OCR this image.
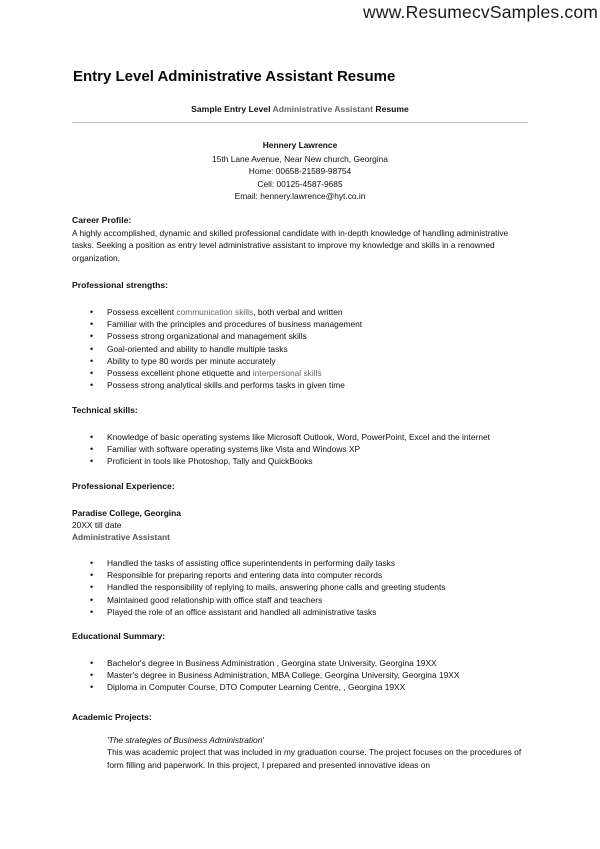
www.ResumecvSamples.com
Entry Level Administrative Assistant Resume
Sample Entry Level Administrative Assistant Resume
Hennery Lawrence
15th Lane Avenue, Near New church, Georgina
Home: 00658-21589-98754
Cell: 00125-4587-9685
Email: hennery.lawrence@hyt.co.in
Career Profile:
A highly accomplished, dynamic and skilled professional candidate with in-depth knowledge of handling administrative tasks. Seeking a position as entry level administrative assistant to improve my knowledge and skills in a renowned organization.
Professional strengths:
• Possess excellent communication skills, both verbal and written
• Familiar with the principles and procedures of business management
• Possess strong organizational and management skills
• Goal-oriented and ability to handle multiple tasks
• Ability to type 80 words per minute accurately
• Possess excellent phone etiquette and interpersonal skills
• Possess strong analytical skills and performs tasks in given time
Technical skills:
• Knowledge of basic operating systems like Microsoft Outlook, Word, PowerPoint, Excel and the internet
• Familiar with software operating systems like Vista and Windows XP
• Proficient in tools like Photoshop, Tally and QuickBooks
Professional Experience:
Paradise College, Georgina
20XX till date
Administrative Assistant
• Handled the tasks of assisting office superintendents in performing daily tasks
• Responsible for preparing reports and entering data into computer records
• Handled the responsibility of replying to mails, answering phone calls and greeting students
• Maintained good relationship with office staff and teachers
• Played the role of an office assistant and handled all administrative tasks
Educational Summary:
• Bachelor's degree in Business Administration , Georgina state University, Georgina 19XX
• Master's degree in Business Administration, MBA College, Georgina University, Georgina 19XX
• Diploma in Computer Course, DTO Computer Learning Centre, , Georgina 19XX
Academic Projects:
'The strategies of Business Administration'
This was academic project that was included in my graduation course. The project focuses on the procedures of form filling and paperwork. In this project, I prepared and presented innovative ideas on
